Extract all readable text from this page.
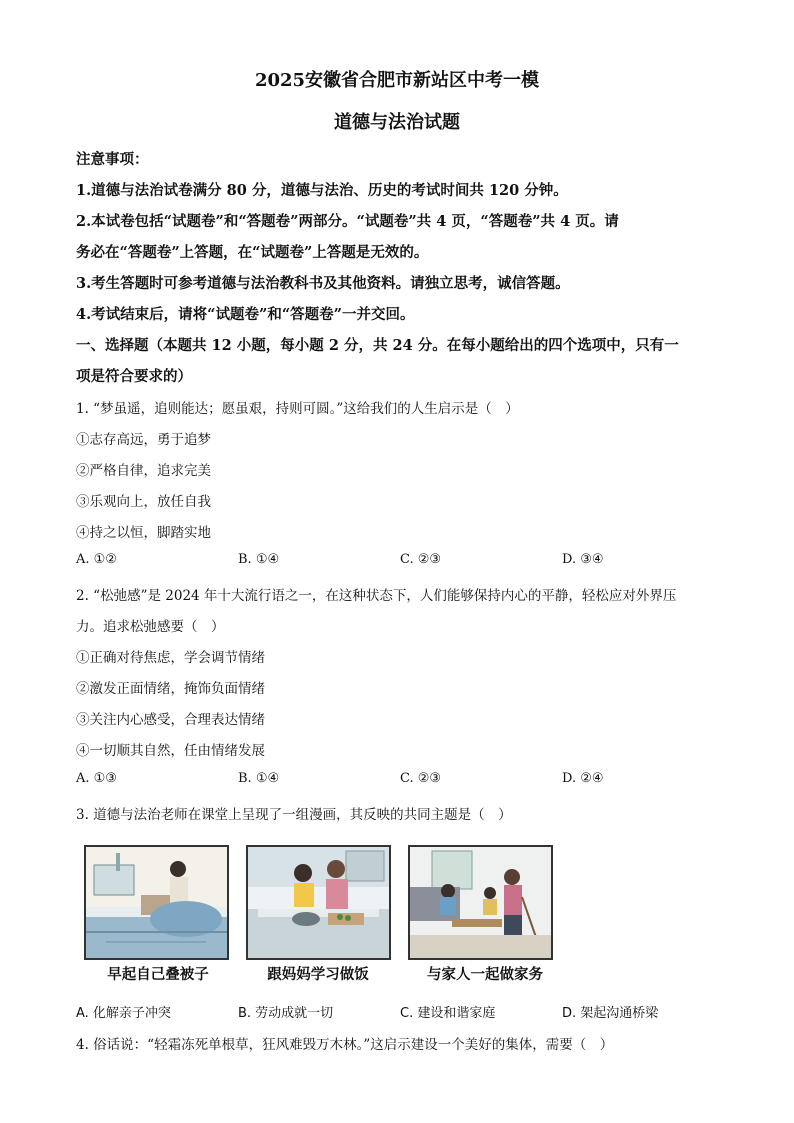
2025安徽省合肥市新站区中考一模
道德与法治试题
注意事项：
1.道德与法治试卷满分 80 分，道德与法治、历史的考试时间共 120 分钟。
2.本试卷包括“试题卷”和“答题卷”两部分。“试题卷”共 4 页，“答题卷”共 4 页。请
务必在“答题卷”上答题，在“试题卷”上答题是无效的。
3.考生答题时可参考道德与法治教科书及其他资料。请独立思考，诚信答题。
4.考试结束后，请将“试题卷”和“答题卷”一并交回。
一、选择题（本题共 12 小题，每小题 2 分，共 24 分。在每小题给出的四个选项中，只有一
项是符合要求的）
1. “梦虽遥，追则能达；愿虽艰，持则可圆。”这给我们的人生启示是（　）
①志存高远，勇于追梦
②严格自律，追求完美
③乐观向上，放任自我
④持之以恒，脚踏实地
A. ①②	B. ①④	C. ②③	D. ③④
2. “松弛感”是 2024 年十大流行语之一，在这种状态下，人们能够保持内心的平静，轻松应对外界压
力。追求松弛感要（　）
①正确对待焦虑，学会调节情绪
②激发正面情绪，掩饰负面情绪
③关注内心感受，合理表达情绪
④一切顺其自然，任由情绪发展
A. ①③	B. ①④	C. ②③	D. ②④
3. 道德与法治老师在课堂上呈现了一组漫画，其反映的共同主题是（　）
早起自己叠被子	跟妈妈学习做饭	与家人一起做家务
A. 化解亲子冲突	B. 劳动成就一切	C. 建设和谐家庭	D. 架起沟通桥梁
4. 俗话说：“轻霜冻死单根草，狂风难毁万木林。”这启示建设一个美好的集体，需要（　）
